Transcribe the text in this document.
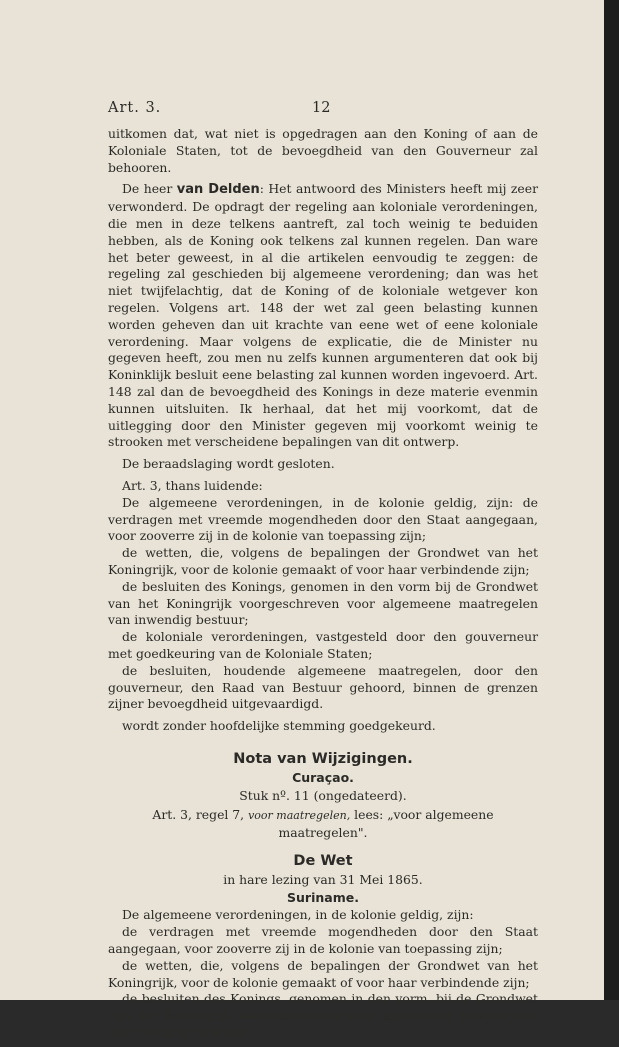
Art. 3.	12

uitkomen dat, wat niet is opgedragen aan den Koning of aan de Koloniale Staten, tot de bevoegdheid van den Gouverneur zal behooren.

De heer van Delden: Het antwoord des Ministers heeft mij zeer verwonderd. De opdragt der regeling aan koloniale verordeningen, die men in deze telkens aantreft, zal toch weinig te beduiden hebben, als de Koning ook telkens zal kunnen regelen. Dan ware het beter geweest, in al die artikelen eenvoudig te zeggen: de regeling zal geschieden bij algemeene verordening; dan was het niet twijfelachtig, dat de Koning of de koloniale wetgever kon regelen. Volgens art. 148 der wet zal geen belasting kunnen worden geheven dan uit krachte van eene wet of eene koloniale verordening. Maar volgens de explicatie, die de Minister nu gegeven heeft, zou men nu zelfs kunnen argumenteren dat ook bij Koninklijk besluit eene belasting zal kunnen worden ingevoerd. Art. 148 zal dan de bevoegdheid des Konings in deze materie evenmin kunnen uitsluiten. Ik herhaal, dat het mij voorkomt, dat de uitlegging door den Minister gegeven mij voorkomt weinig te strooken met verscheidene bepalingen van dit ontwerp.

De beraadslaging wordt gesloten.

Art. 3, thans luidende:

De algemeene verordeningen, in de kolonie geldig, zijn: de verdragen met vreemde mogendheden door den Staat aangegaan, voor zooverre zij in de kolonie van toepassing zijn;

de wetten, die, volgens de bepalingen der Grondwet van het Koningrijk, voor de kolonie gemaakt of voor haar verbindende zijn;

de besluiten des Konings, genomen in den vorm bij de Grondwet van het Koningrijk voorgeschreven voor algemeene maatregelen van inwendig bestuur;

de koloniale verordeningen, vastgesteld door den gouverneur met goedkeuring van de Koloniale Staten;

de besluiten, houdende algemeene maatregelen, door den gouverneur, den Raad van Bestuur gehoord, binnen de grenzen zijner bevoegdheid uitgevaardigd.

wordt zonder hoofdelijke stemming goedgekeurd.

Nota van Wijzigingen.

Curaçao.

Stuk nº. 11 (ongedateerd).

Art. 3, regel 7, voor maatregelen, lees: „voor algemeene maatregelen".

De Wet

in hare lezing van 31 Mei 1865.

Suriname.

De algemeene verordeningen, in de kolonie geldig, zijn:

de verdragen met vreemde mogendheden door den Staat aangegaan, voor zooverre zij in de kolonie van toepassing zijn;

de wetten, die, volgens de bepalingen der Grondwet van het Koningrijk, voor de kolonie gemaakt of voor haar verbindende zijn;

de besluiten des Konings, genomen in den vorm, bij de Grondwet van het Koningrijk voorgeschreven voor algemeene maatregelen van inwendig bestuur;
